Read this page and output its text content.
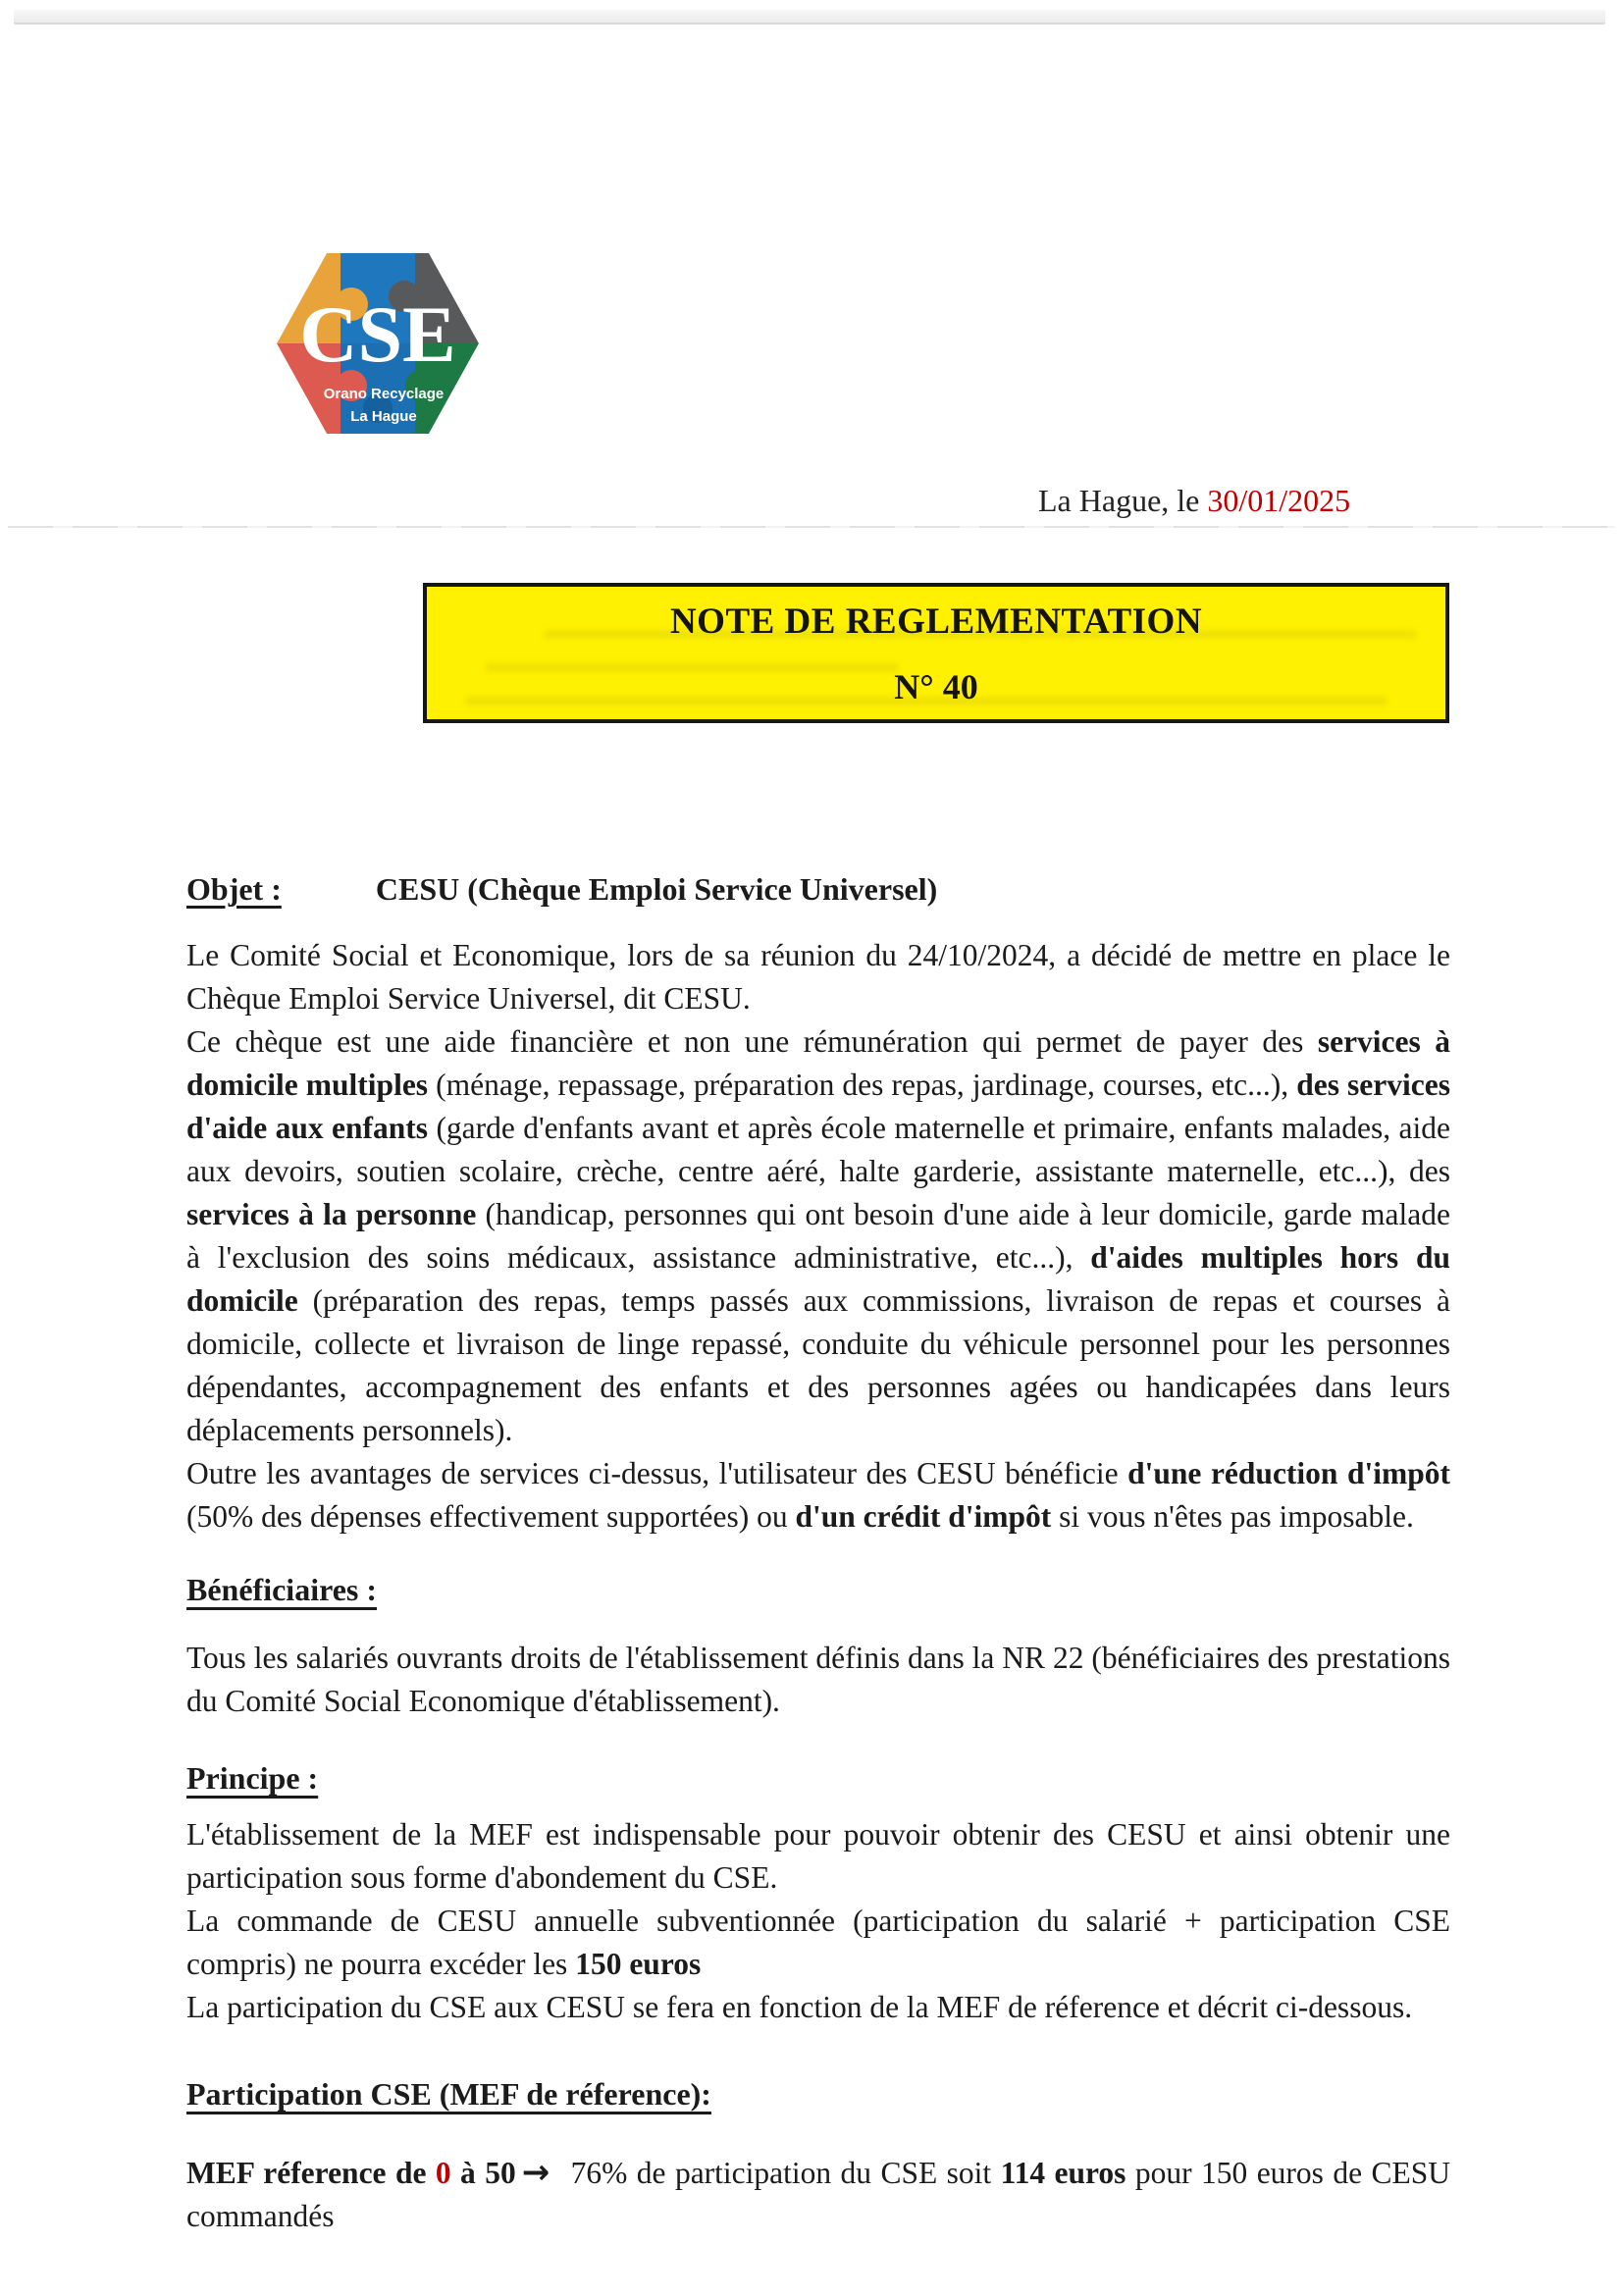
CSE
Orano Recyclage
La Hague
La Hague, le 30/01/2025
NOTE DE REGLEMENTATION
N° 40
Objet :	CESU (Chèque Emploi Service Universel)
Le Comité Social et Economique, lors de sa réunion du 24/10/2024, a décidé de mettre en place le Chèque Emploi Service Universel, dit CESU.
Ce chèque est une aide financière et non une rémunération qui permet de payer des services à domicile multiples (ménage, repassage, préparation des repas, jardinage, courses, etc...), des services d'aide aux enfants (garde d'enfants avant et après école maternelle et primaire, enfants malades, aide aux devoirs, soutien scolaire, crèche, centre aéré, halte garderie, assistante maternelle, etc...), des services à la personne (handicap, personnes qui ont besoin d'une aide à leur domicile, garde malade à l'exclusion des soins médicaux, assistance administrative, etc...), d'aides multiples hors du domicile (préparation des repas, temps passés aux commissions, livraison de repas et courses à domicile, collecte et livraison de linge repassé, conduite du véhicule personnel pour les personnes dépendantes, accompagnement des enfants et des personnes agées ou handicapées dans leurs déplacements personnels).
Outre les avantages de services ci-dessus, l'utilisateur des CESU bénéficie d'une réduction d'impôt (50% des dépenses effectivement supportées) ou d'un crédit d'impôt si vous n'êtes pas imposable.
Bénéficiaires :
Tous les salariés ouvrants droits de l'établissement définis dans la NR 22 (bénéficiaires des prestations du Comité Social Economique d'établissement).
Principe :
L'établissement de la MEF est indispensable pour pouvoir obtenir des CESU et ainsi obtenir une participation sous forme d'abondement du CSE.
La commande de CESU annuelle subventionnée (participation du salarié + participation CSE compris) ne pourra excéder les 150 euros
La participation du CSE aux CESU se fera en fonction de la MEF de réference et décrit ci-dessous.
Participation CSE (MEF de réference):
MEF réference de 0 à 50 → 76% de participation du CSE soit 114 euros pour 150 euros de CESU commandés
